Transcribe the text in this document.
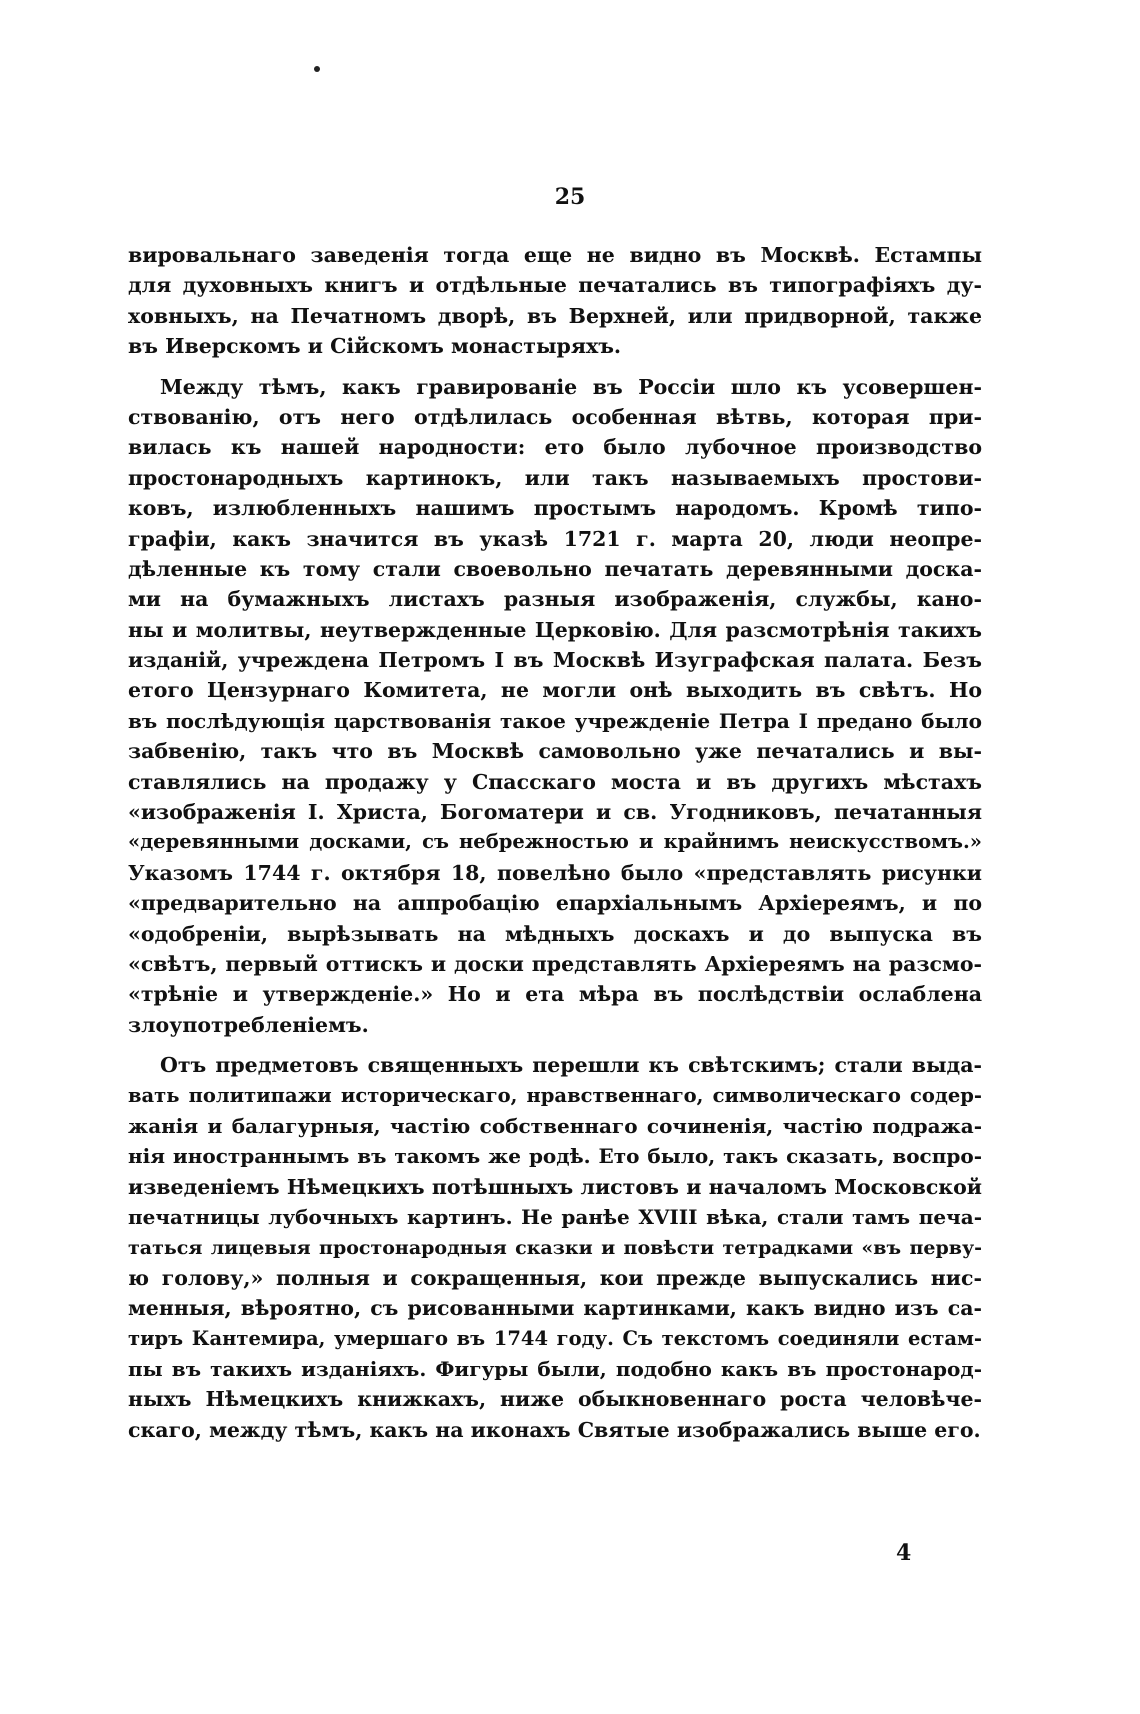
25
вировальнаго заведенія тогда еще не видно въ Москвѣ. Естампы
для духовныхъ книгъ и отдѣльные печатались въ типографіяхъ ду-
ховныхъ, на Печатномъ дворѣ, въ Верхней, или придворной, также
въ Иверскомъ и Сійскомъ монастыряхъ.
Между тѣмъ, какъ гравированіе въ Россіи шло къ усовершен-
ствованію, отъ него отдѣлилась особенная вѣтвь, которая при-
вилась къ нашей народности: ето было лубочное производство
простонародныхъ картинокъ, или такъ называемыхъ простови-
ковъ, излюбленныхъ нашимъ простымъ народомъ. Кромѣ типо-
графіи, какъ значится въ указѣ 1721 г. марта 20, люди неопре-
дѣленные къ тому стали своевольно печатать деревянными доска-
ми на бумажныхъ листахъ разныя изображенія, службы, кано-
ны и молитвы, неутвержденные Церковію. Для разсмотрѣнія такихъ
изданій, учреждена Петромъ I въ Москвѣ Изуграфская палата. Безъ
етого Цензурнаго Комитета, не могли онѣ выходить въ свѣтъ. Но
въ послѣдующія царствованія такое учрежденіе Петра I предано было
забвенію, такъ что въ Москвѣ самовольно уже печатались и вы-
ставлялись на продажу у Спасскаго моста и въ другихъ мѣстахъ
«изображенія І. Христа, Богоматери и св. Угодниковъ, печатанныя
«деревянными досками, съ небрежностью и крайнимъ неискусствомъ.»
Указомъ 1744 г. октября 18, повелѣно было «представлять рисунки
«предварительно на аппробацію епархіальнымъ Архіереямъ, и по
«одобреніи, вырѣзывать на мѣдныхъ доскахъ и до выпуска въ
«свѣтъ, первый оттискъ и доски представлять Архіереямъ на разсмо-
«трѣніе и утвержденіе.» Но и ета мѣра въ послѣдствіи ослаблена
злоупотребленіемъ.
Отъ предметовъ священныхъ перешли къ свѣтскимъ; стали выда-
вать политипажи историческаго, нравственнаго, символическаго содер-
жанія и балагурныя, частію собственнаго сочиненія, частію подража-
нія иностраннымъ въ такомъ же родѣ. Ето было, такъ сказать, воспро-
изведеніемъ Нѣмецкихъ потѣшныхъ листовъ и началомъ Московской
печатницы лубочныхъ картинъ. Не ранѣе XVIII вѣка, стали тамъ печа-
таться лицевыя простонародныя сказки и повѣсти тетрадками «въ перву-
ю голову,» полныя и сокращенныя, кои прежде выпускались нис-
менныя, вѣроятно, съ рисованными картинками, какъ видно изъ са-
тиръ Кантемира, умершаго въ 1744 году. Съ текстомъ соединяли естам-
пы въ такихъ изданіяхъ. Фигуры были, подобно какъ въ простонарод-
ныхъ Нѣмецкихъ книжкахъ, ниже обыкновеннаго роста человѣче-
скаго, между тѣмъ, какъ на иконахъ Святые изображались выше его.
4
